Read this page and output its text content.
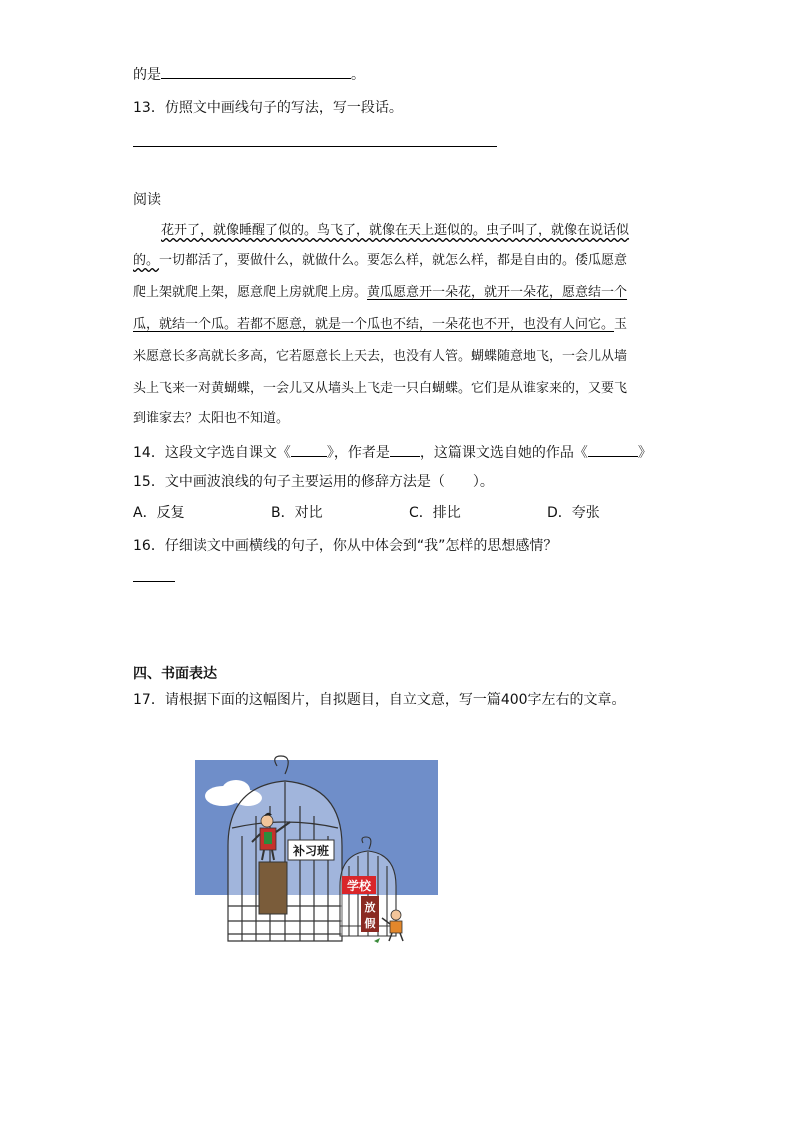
的是	。
13．仿照文中画线句子的写法，写一段话。
阅读
花开了，就像睡醒了似的。鸟飞了，就像在天上逛似的。虫子叫了，就像在说话似
的。一切都活了，要做什么，就做什么。要怎么样，就怎么样，都是自由的。倭瓜愿意
爬上架就爬上架，愿意爬上房就爬上房。黄瓜愿意开一朵花，就开一朵花，愿意结一个
瓜，就结一个瓜。若都不愿意，就是一个瓜也不结，一朵花也不开，也没有人问它。玉
米愿意长多高就长多高，它若愿意长上天去，也没有人管。蝴蝶随意地飞，一会儿从墙
头上飞来一对黄蝴蝶，一会儿又从墙头上飞走一只白蝴蝶。它们是从谁家来的，又要飞
到谁家去？太阳也不知道。
14．这段文字选自课文《	》，作者是 ，这篇课文选自她的作品《	》
15．文中画波浪线的句子主要运用的修辞方法是（　　）。
A．反复	B．对比	C．排比	D．夸张
16．仔细读文中画横线的句子，你从中体会到“我”怎样的思想感情？
四、书面表达
17．请根据下面的这幅图片，自拟题目，自立文意，写一篇400字左右的文章。
补习班
学校
放
假
